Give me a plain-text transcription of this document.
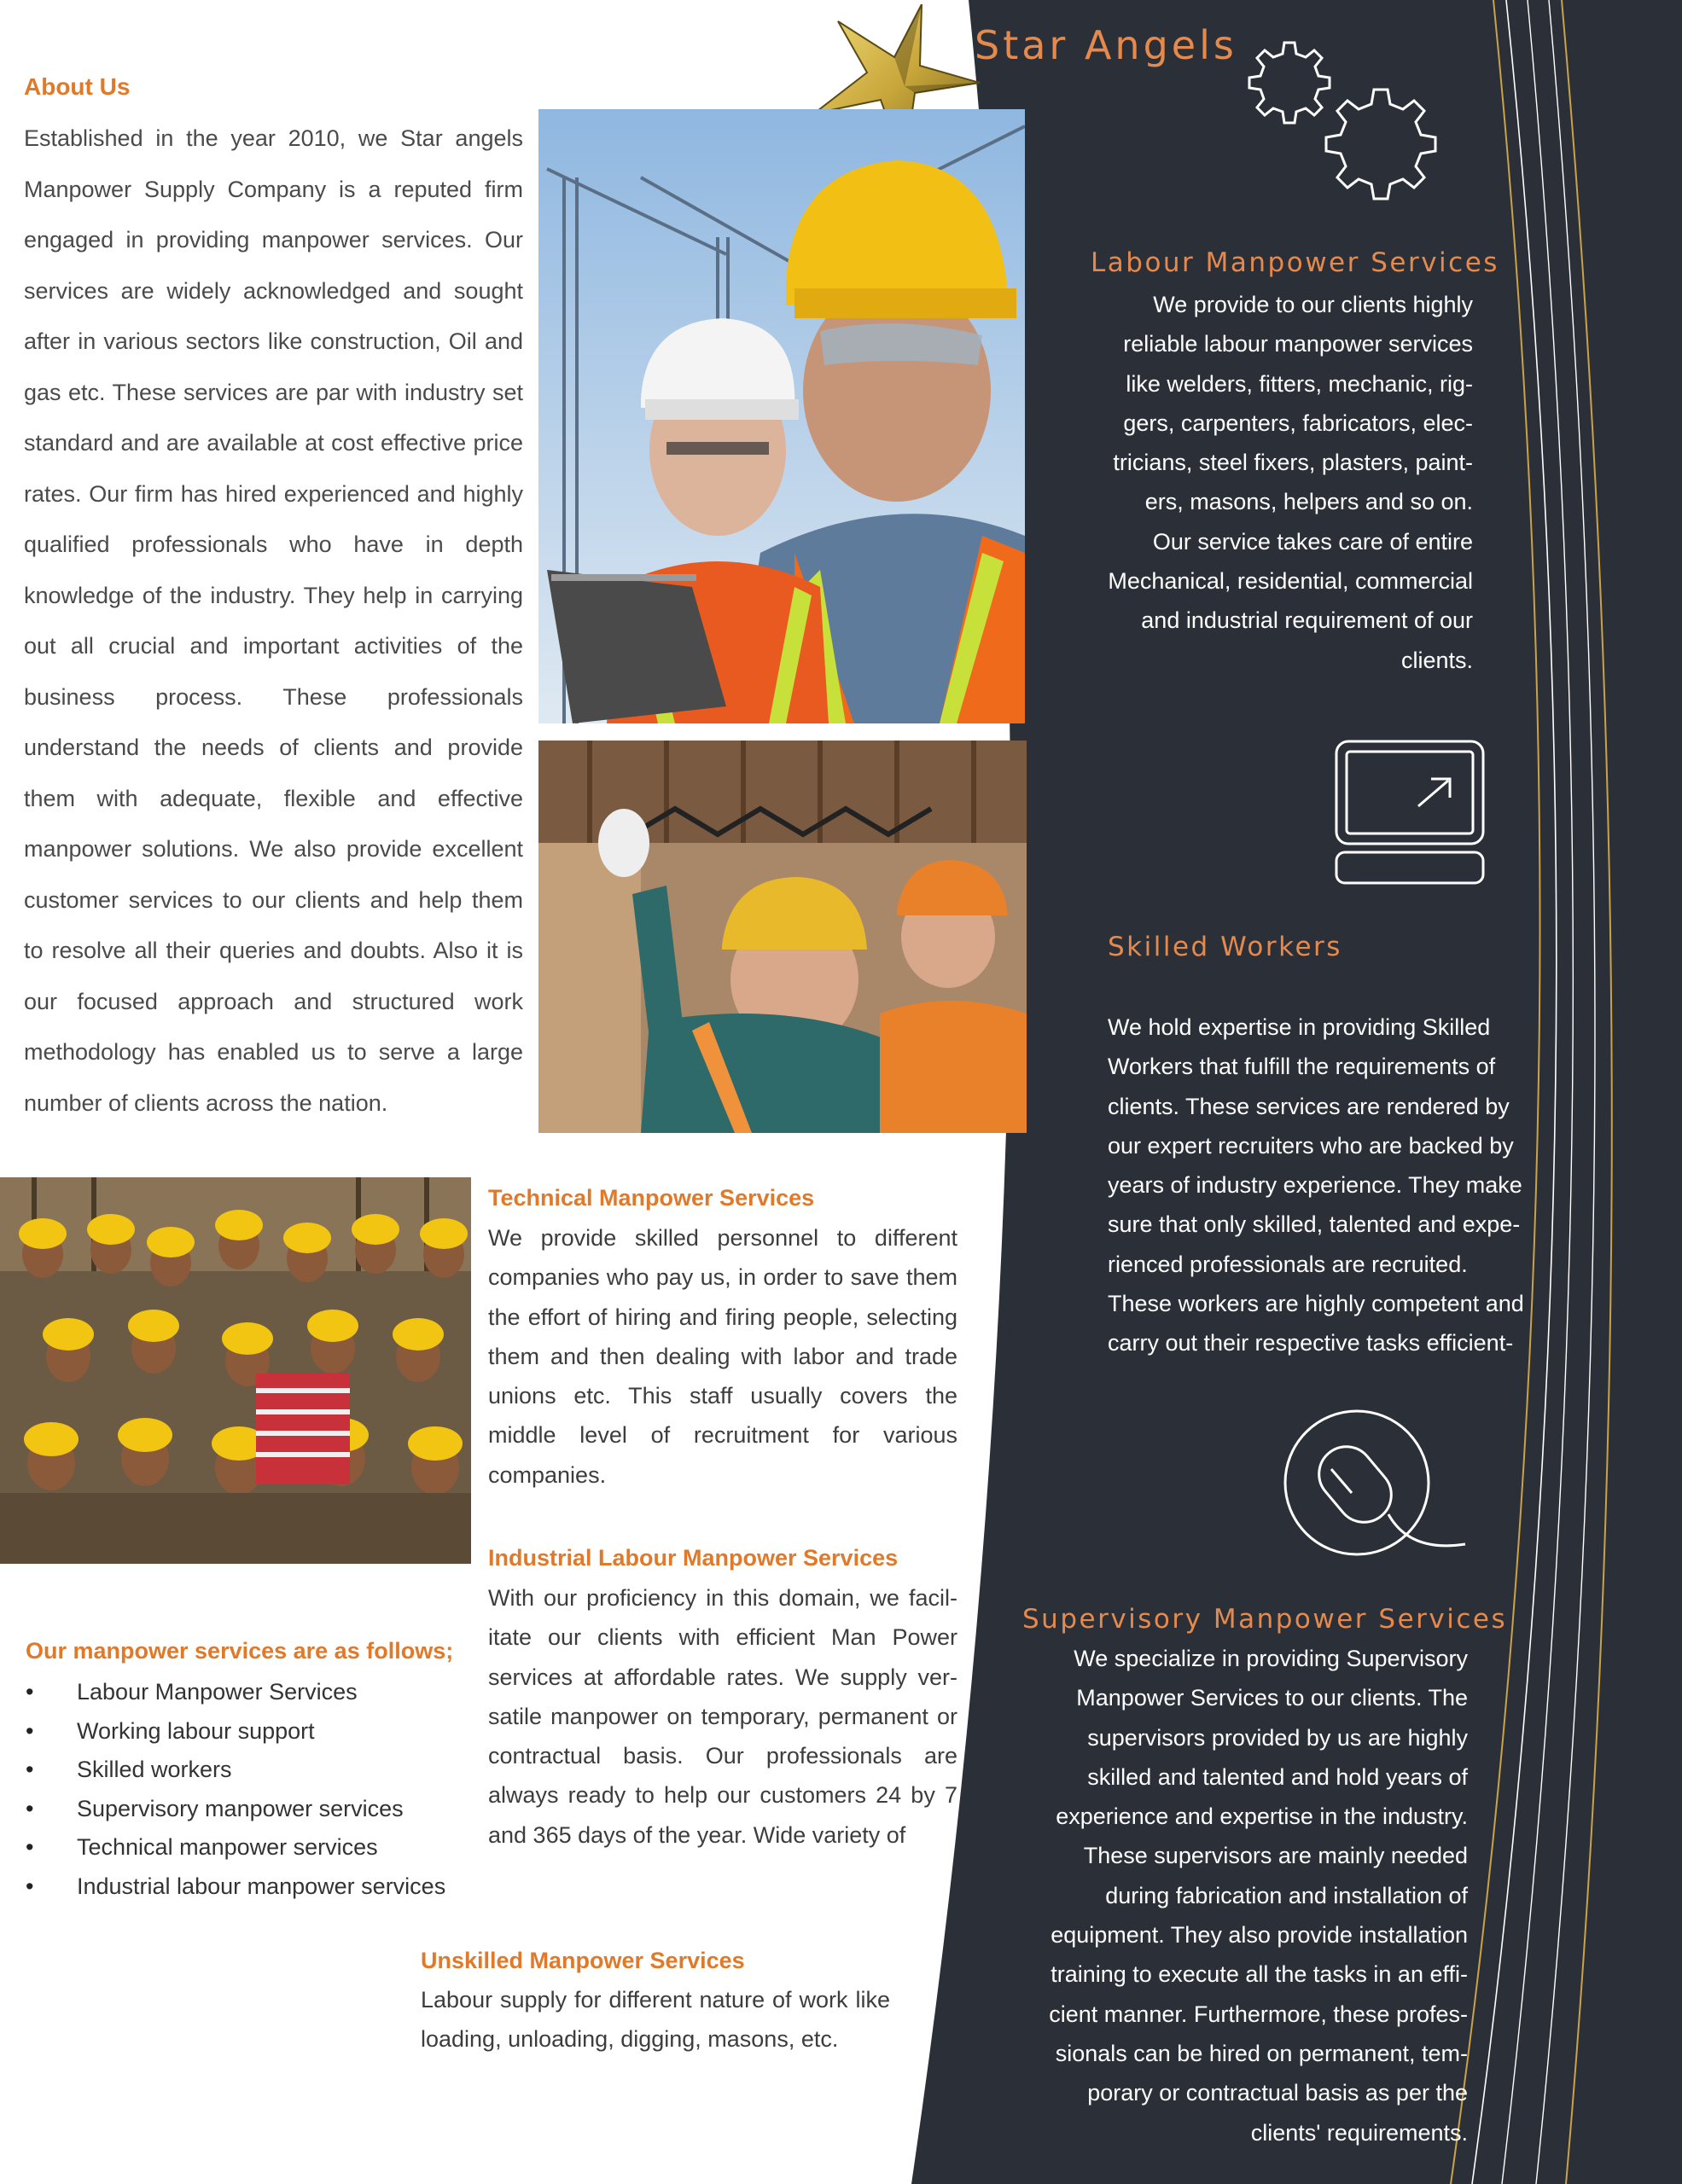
Star Angels
About Us
Established in the year 2010, we Star angels Manpower Supply Company is a reputed firm engaged in providing manpower services. Our services are widely acknowledged and sought after in various sectors like construction, Oil and gas etc. These services are par with industry set standard and are available at cost effective price rates. Our firm has hired experienced and highly qualified professionals who have in depth knowledge of the industry. They help in carrying out all crucial and important activities of the business process. These professionals understand the needs of clients and provide them with adequate, flexible and effective manpower solutions. We also provide excellent customer services to our clients and help them to resolve all their queries and doubts. Also it is our focused approach and structured work methodology has enabled us to serve a large number of clients across the nation.
Technical Manpower Services
We provide skilled personnel to different companies who pay us, in order to save them the effort of hiring and firing people, selecting them and then dealing with labor and trade unions etc. This staff usually covers the middle level of recruitment for various companies.
Industrial Labour Manpower Services
With our proficiency in this domain, we facilitate our clients with efficient Man Power services at affordable rates. We supply versatile manpower on temporary, permanent or contractual basis. Our professionals are always ready to help our customers 24 by 7 and 365 days of the year. Wide variety of
Our manpower services are as follows;
• Labour Manpower Services
• Working labour support
• Skilled workers
• Supervisory manpower services
• Technical manpower services
• Industrial labour manpower services
Unskilled Manpower Services
Labour supply for different nature of work like loading, unloading, digging, masons, etc.
Labour Manpower Services
We provide to our clients highly
reliable labour manpower services
like welders, fitters, mechanic, rig-
gers, carpenters, fabricators, elec-
tricians, steel fixers, plasters, paint-
ers, masons, helpers and so on.
Our service takes care of entire
Mechanical, residential, commercial
and industrial requirement of our
clients.
Skilled Workers
We hold expertise in providing Skilled
Workers that fulfill the requirements of
clients. These services are rendered by
our expert recruiters who are backed by
years of industry experience. They make
sure that only skilled, talented and expe-
rienced professionals are recruited.
These workers are highly competent and
carry out their respective tasks efficient-
Supervisory Manpower Services
We specialize in providing Supervisory
Manpower Services to our clients. The
supervisors provided by us are highly
skilled and talented and hold years of
experience and expertise in the industry.
These supervisors are mainly needed
during fabrication and installation of
equipment. They also provide installation
training to execute all the tasks in an effi-
cient manner. Furthermore, these profes-
sionals can be hired on permanent, tem-
porary or contractual basis as per the
clients' requirements.
